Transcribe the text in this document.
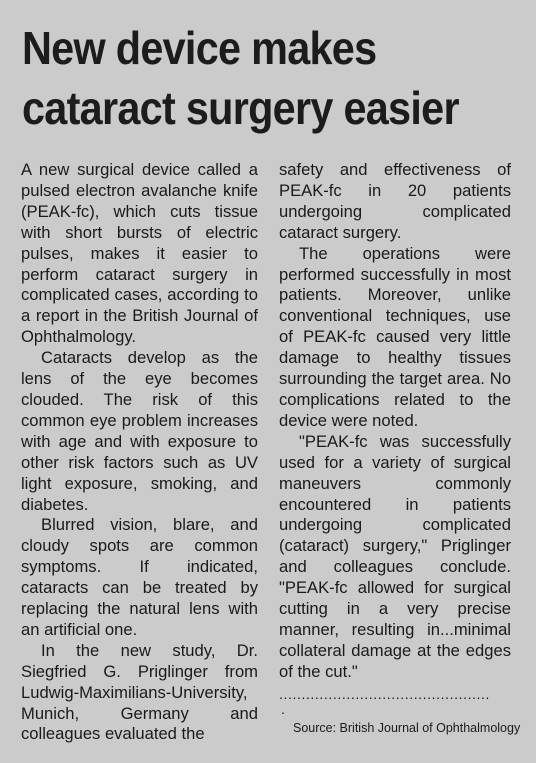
New device makes cataract surgery easier

A new surgical device called a pulsed electron avalanche knife (PEAK-fc), which cuts tissue with short bursts of electric pulses, makes it easier to perform cataract surgery in complicated cases, according to a report in the British Journal of Ophthalmology.

Cataracts develop as the lens of the eye becomes clouded. The risk of this common eye problem increases with age and with exposure to other risk factors such as UV light exposure, smoking, and diabetes.

Blurred vision, blare, and cloudy spots are common symptoms. If indicated, cataracts can be treated by replacing the natural lens with an artificial one.

In the new study, Dr. Siegfried G. Priglinger from Ludwig-Maximilians-University, Munich, Germany and colleagues evaluated the

safety and effectiveness of PEAK-fc in 20 patients undergoing complicated cataract surgery.

The operations were performed successfully in most patients. Moreover, unlike conventional techniques, use of PEAK-fc caused very little damage to healthy tissues surrounding the target area. No complications related to the device were noted.

"PEAK-fc was successfully used for a variety of surgical maneuvers commonly encountered in patients undergoing complicated (cataract) surgery," Priglinger and colleagues conclude. "PEAK-fc allowed for surgical cutting in a very precise manner, resulting in...minimal collateral damage at the edges of the cut."

...............................................
.
Source: British Journal of Ophthalmology
